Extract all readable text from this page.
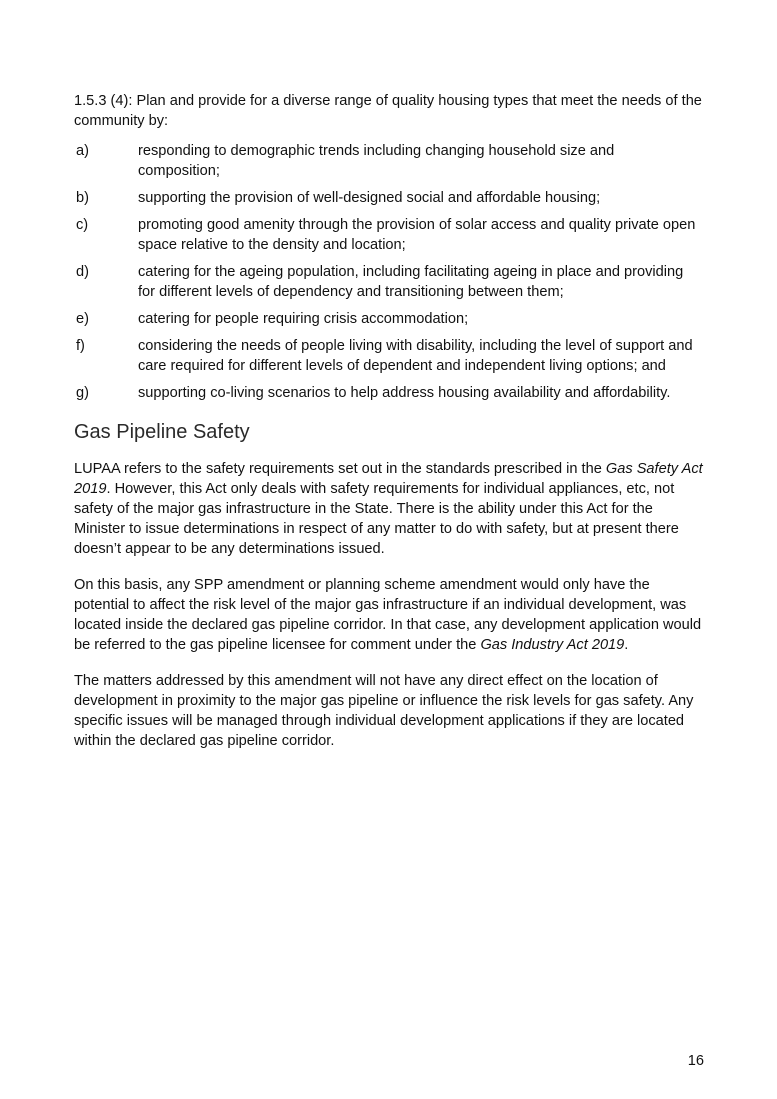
1.5.3 (4): Plan and provide for a diverse range of quality housing types that meet the needs of the community by:

a)	responding to demographic trends including changing household size and composition;
b)	supporting the provision of well-designed social and affordable housing;
c)	promoting good amenity through the provision of solar access and quality private open space relative to the density and location;
d)	catering for the ageing population, including facilitating ageing in place and providing for different levels of dependency and transitioning between them;
e)	catering for people requiring crisis accommodation;
f)	considering the needs of people living with disability, including the level of support and care required for different levels of dependent and independent living options; and
g)	supporting co-living scenarios to help address housing availability and affordability.
Gas Pipeline Safety

LUPAA refers to the safety requirements set out in the standards prescribed in the Gas Safety Act 2019. However, this Act only deals with safety requirements for individual appliances, etc, not safety of the major gas infrastructure in the State. There is the ability under this Act for the Minister to issue determinations in respect of any matter to do with safety, but at present there doesn’t appear to be any determinations issued.

On this basis, any SPP amendment or planning scheme amendment would only have the potential to affect the risk level of the major gas infrastructure if an individual development, was located inside the declared gas pipeline corridor. In that case, any development application would be referred to the gas pipeline licensee for comment under the Gas Industry Act 2019.

The matters addressed by this amendment will not have any direct effect on the location of development in proximity to the major gas pipeline or influence the risk levels for gas safety. Any specific issues will be managed through individual development applications if they are located within the declared gas pipeline corridor.

16
